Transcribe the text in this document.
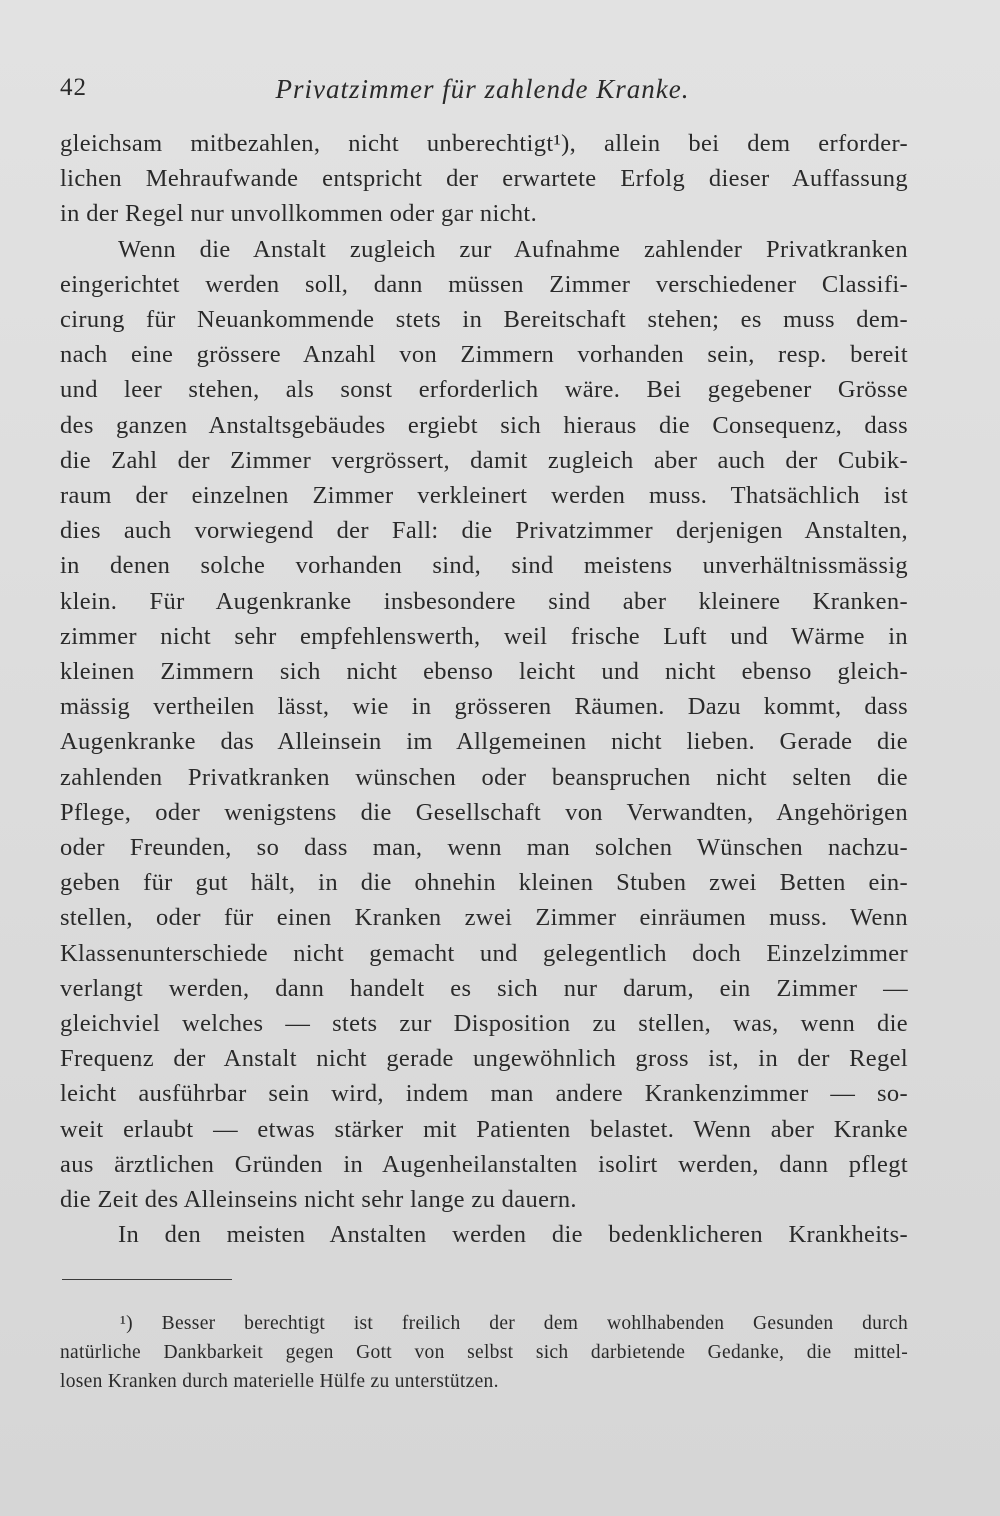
42	Privatzimmer für zahlende Kranke.
gleichsam mitbezahlen, nicht unberechtigt¹), allein bei dem erforder-
lichen Mehraufwande entspricht der erwartete Erfolg dieser Auffassung
in der Regel nur unvollkommen oder gar nicht.
Wenn die Anstalt zugleich zur Aufnahme zahlender Privatkranken
eingerichtet werden soll, dann müssen Zimmer verschiedener Classifi-
cirung für Neuankommende stets in Bereitschaft stehen; es muss dem-
nach eine grössere Anzahl von Zimmern vorhanden sein, resp. bereit
und leer stehen, als sonst erforderlich wäre. Bei gegebener Grösse
des ganzen Anstaltsgebäudes ergiebt sich hieraus die Consequenz, dass
die Zahl der Zimmer vergrössert, damit zugleich aber auch der Cubik-
raum der einzelnen Zimmer verkleinert werden muss. Thatsächlich ist
dies auch vorwiegend der Fall: die Privatzimmer derjenigen Anstalten,
in denen solche vorhanden sind, sind meistens unverhältnissmässig
klein. Für Augenkranke insbesondere sind aber kleinere Kranken-
zimmer nicht sehr empfehlenswerth, weil frische Luft und Wärme in
kleinen Zimmern sich nicht ebenso leicht und nicht ebenso gleich-
mässig vertheilen lässt, wie in grösseren Räumen. Dazu kommt, dass
Augenkranke das Alleinsein im Allgemeinen nicht lieben. Gerade die
zahlenden Privatkranken wünschen oder beanspruchen nicht selten die
Pflege, oder wenigstens die Gesellschaft von Verwandten, Angehörigen
oder Freunden, so dass man, wenn man solchen Wünschen nachzu-
geben für gut hält, in die ohnehin kleinen Stuben zwei Betten ein-
stellen, oder für einen Kranken zwei Zimmer einräumen muss. Wenn
Klassenunterschiede nicht gemacht und gelegentlich doch Einzelzimmer
verlangt werden, dann handelt es sich nur darum, ein Zimmer —
gleichviel welches — stets zur Disposition zu stellen, was, wenn die
Frequenz der Anstalt nicht gerade ungewöhnlich gross ist, in der Regel
leicht ausführbar sein wird, indem man andere Krankenzimmer — so-
weit erlaubt — etwas stärker mit Patienten belastet. Wenn aber Kranke
aus ärztlichen Gründen in Augenheilanstalten isolirt werden, dann pflegt
die Zeit des Alleinseins nicht sehr lange zu dauern.
In den meisten Anstalten werden die bedenklicheren Krankheits-
¹) Besser berechtigt ist freilich der dem wohlhabenden Gesunden durch
natürliche Dankbarkeit gegen Gott von selbst sich darbietende Gedanke, die mittel-
losen Kranken durch materielle Hülfe zu unterstützen.
